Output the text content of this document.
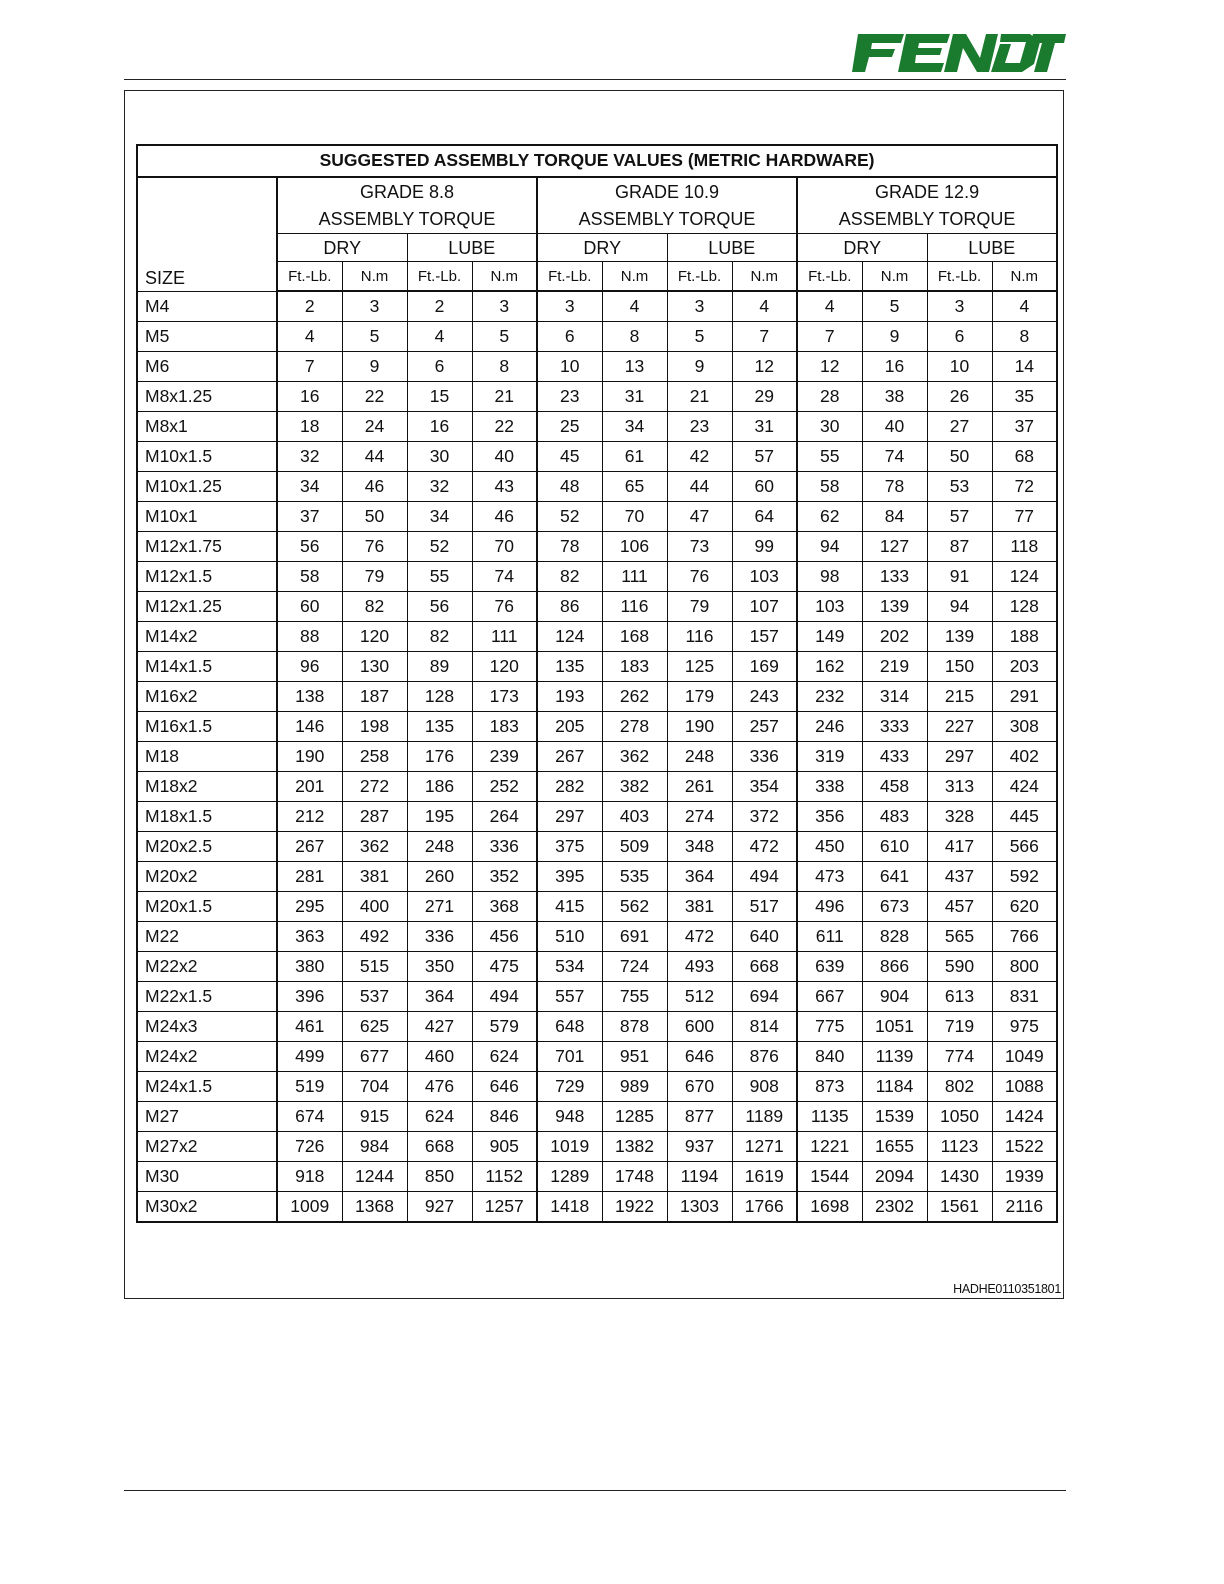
SUGGESTED ASSEMBLY TORQUE VALUES (METRIC HARDWARE)												
SIZE	GRADE 8.8				GRADE 10.9				GRADE 12.9			
	ASSEMBLY TORQUE				ASSEMBLY TORQUE				ASSEMBLY TORQUE			
	DRY		LUBE		DRY		LUBE		DRY		LUBE	
	Ft.-Lb.	N.m	Ft.-Lb.	N.m	Ft.-Lb.	N.m	Ft.-Lb.	N.m	Ft.-Lb.	N.m	Ft.-Lb.	N.m
M4	2	3	2	3	3	4	3	4	4	5	3	4
M5	4	5	4	5	6	8	5	7	7	9	6	8
M6	7	9	6	8	10	13	9	12	12	16	10	14
M8x1.25	16	22	15	21	23	31	21	29	28	38	26	35
M8x1	18	24	16	22	25	34	23	31	30	40	27	37
M10x1.5	32	44	30	40	45	61	42	57	55	74	50	68
M10x1.25	34	46	32	43	48	65	44	60	58	78	53	72
M10x1	37	50	34	46	52	70	47	64	62	84	57	77
M12x1.75	56	76	52	70	78	106	73	99	94	127	87	118
M12x1.5	58	79	55	74	82	111	76	103	98	133	91	124
M12x1.25	60	82	56	76	86	116	79	107	103	139	94	128
M14x2	88	120	82	111	124	168	116	157	149	202	139	188
M14x1.5	96	130	89	120	135	183	125	169	162	219	150	203
M16x2	138	187	128	173	193	262	179	243	232	314	215	291
M16x1.5	146	198	135	183	205	278	190	257	246	333	227	308
M18	190	258	176	239	267	362	248	336	319	433	297	402
M18x2	201	272	186	252	282	382	261	354	338	458	313	424
M18x1.5	212	287	195	264	297	403	274	372	356	483	328	445
M20x2.5	267	362	248	336	375	509	348	472	450	610	417	566
M20x2	281	381	260	352	395	535	364	494	473	641	437	592
M20x1.5	295	400	271	368	415	562	381	517	496	673	457	620
M22	363	492	336	456	510	691	472	640	611	828	565	766
M22x2	380	515	350	475	534	724	493	668	639	866	590	800
M22x1.5	396	537	364	494	557	755	512	694	667	904	613	831
M24x3	461	625	427	579	648	878	600	814	775	1051	719	975
M24x2	499	677	460	624	701	951	646	876	840	1139	774	1049
M24x1.5	519	704	476	646	729	989	670	908	873	1184	802	1088
M27	674	915	624	846	948	1285	877	1189	1135	1539	1050	1424
M27x2	726	984	668	905	1019	1382	937	1271	1221	1655	1123	1522
M30	918	1244	850	1152	1289	1748	1194	1619	1544	2094	1430	1939
M30x2	1009	1368	927	1257	1418	1922	1303	1766	1698	2302	1561	2116
HADHE0110351801
